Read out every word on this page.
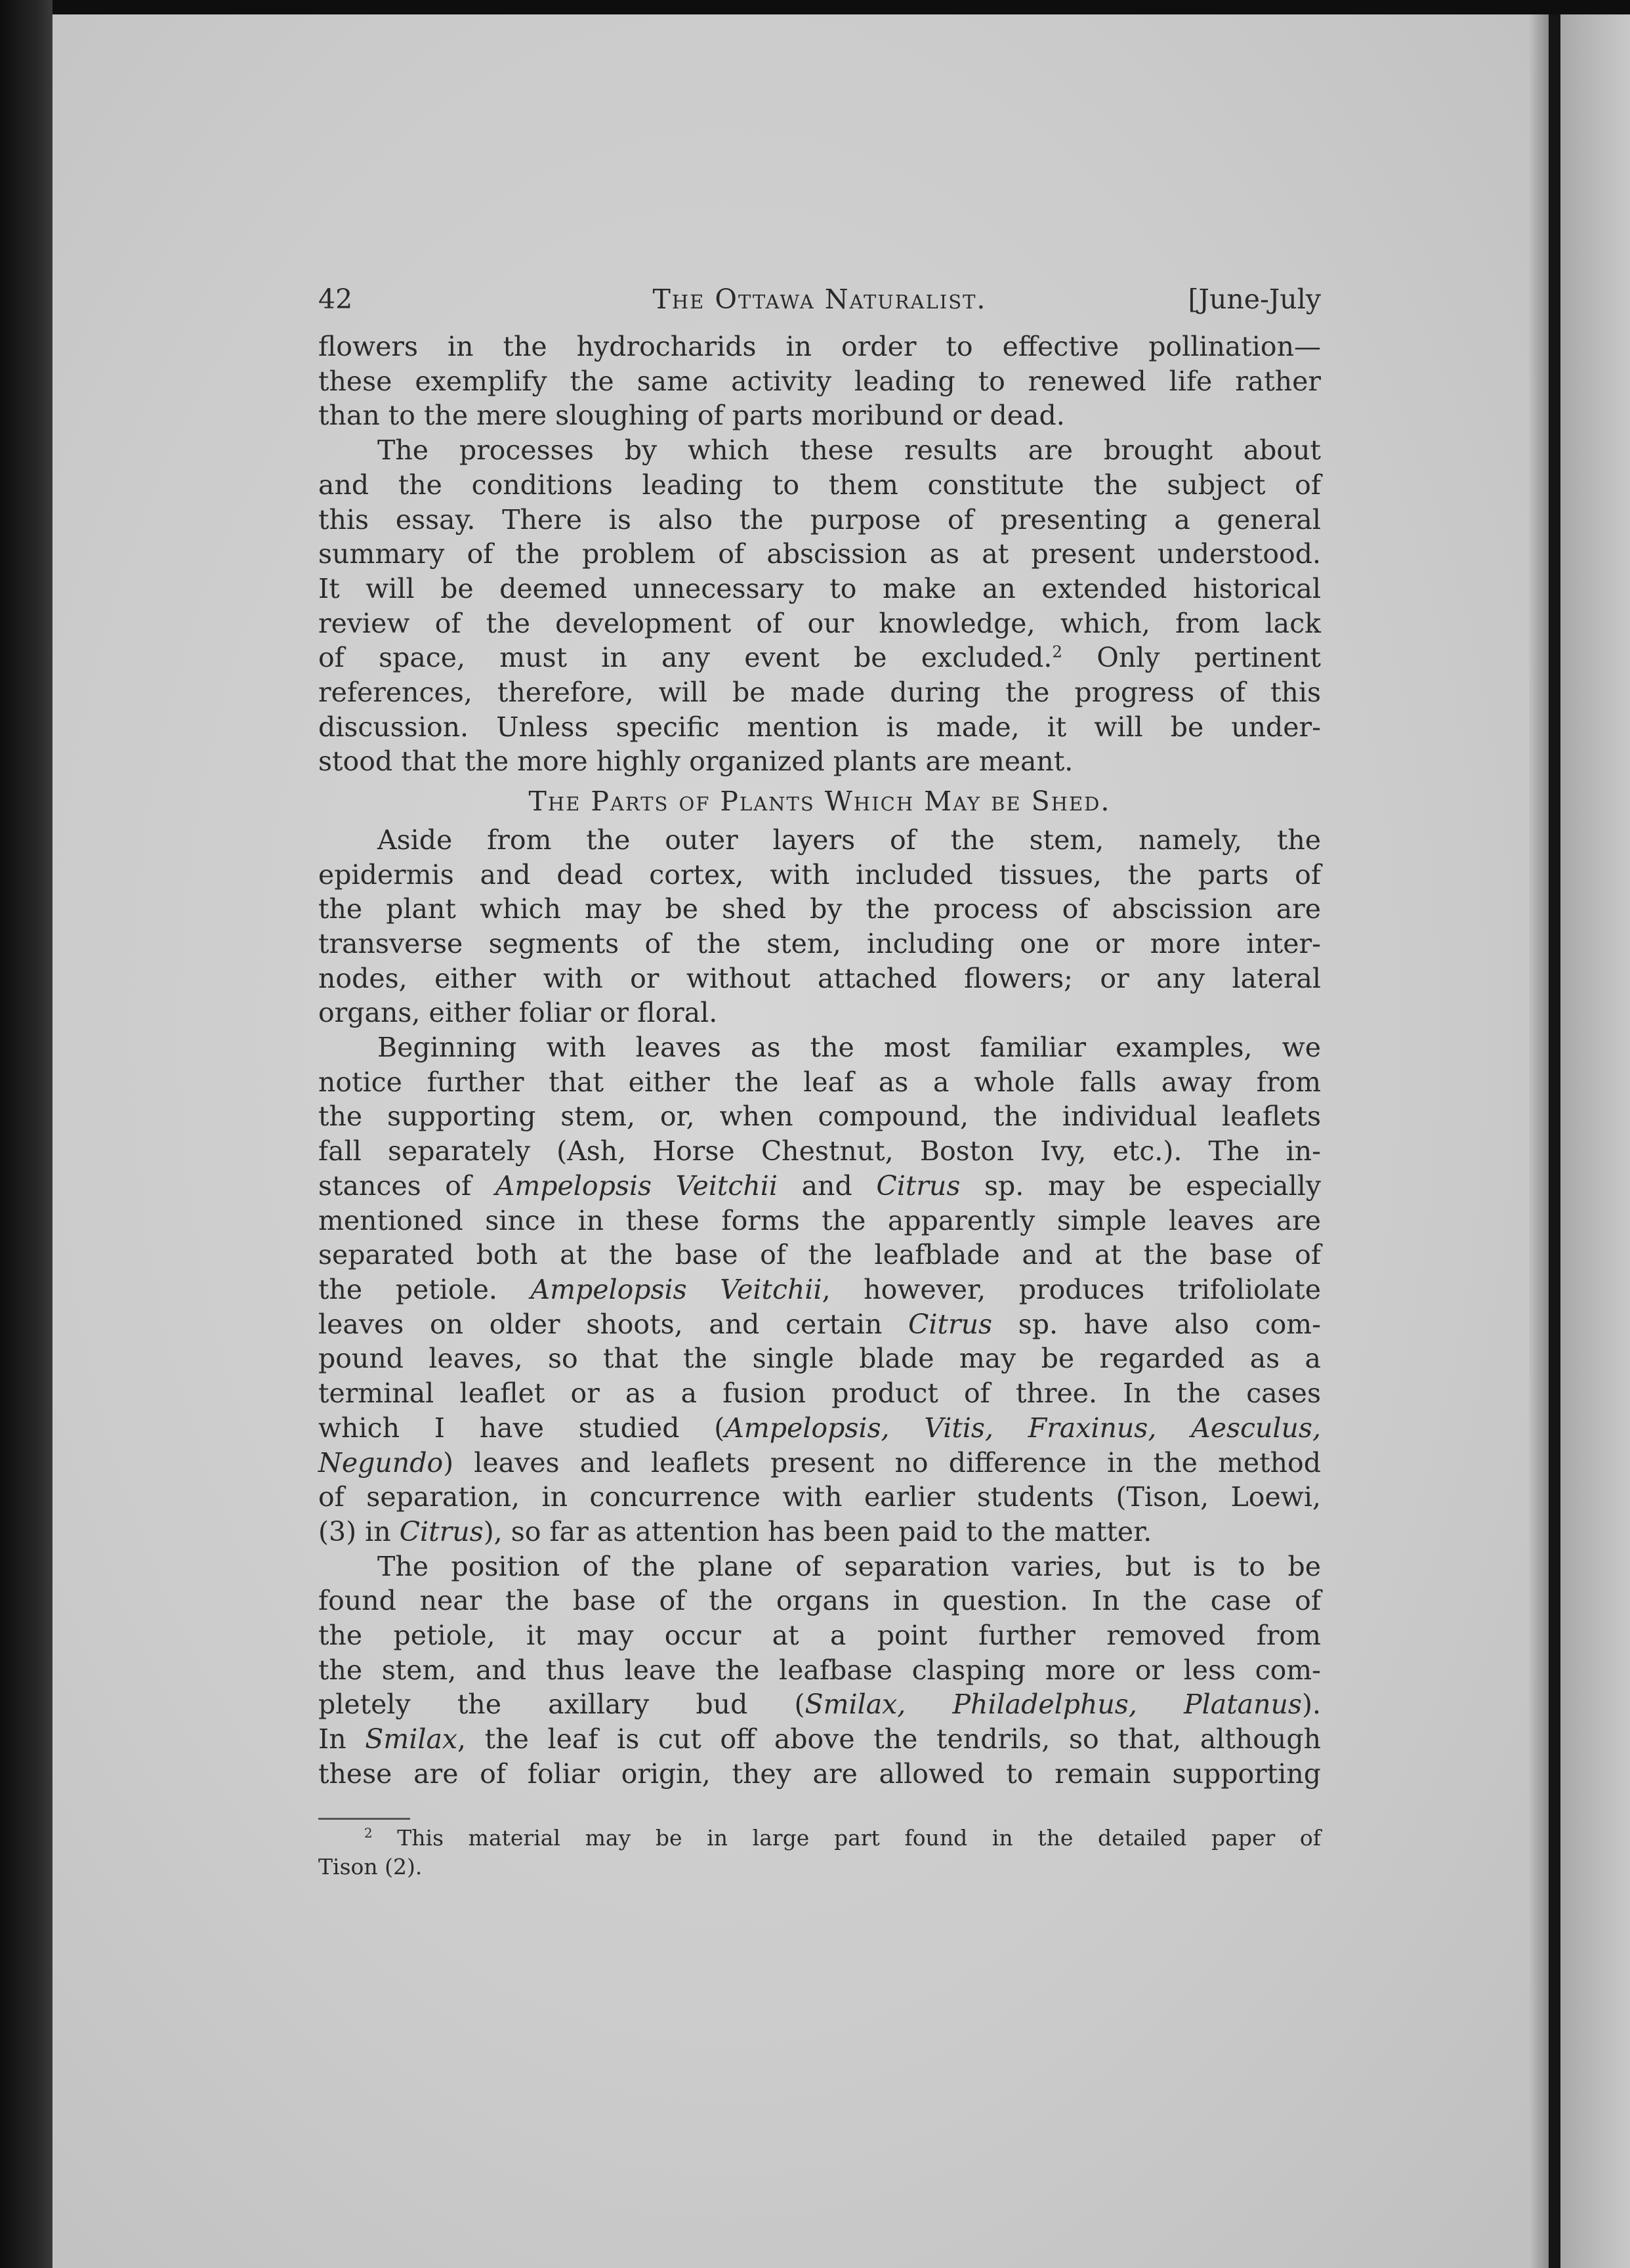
42	The Ottawa Naturalist.	[June-July
flowers in the hydrocharids in order to effective pollination—
these exemplify the same activity leading to renewed life rather
than to the mere sloughing of parts moribund or dead.
The processes by which these results are brought about
and the conditions leading to them constitute the subject of
this essay. There is also the purpose of presenting a general
summary of the problem of abscission as at present understood.
It will be deemed unnecessary to make an extended historical
review of the development of our knowledge, which, from lack
of space, must in any event be excluded.$^2$ Only pertinent
references, therefore, will be made during the progress of this
discussion. Unless specific mention is made, it will be under-
stood that the more highly organized plants are meant.
The Parts of Plants Which May be Shed.
Aside from the outer layers of the stem, namely, the
epidermis and dead cortex, with included tissues, the parts of
the plant which may be shed by the process of abscission are
transverse segments of the stem, including one or more inter-
nodes, either with or without attached flowers; or any lateral
organs, either foliar or floral.
Beginning with leaves as the most familiar examples, we
notice further that either the leaf as a whole falls away from
the supporting stem, or, when compound, the individual leaflets
fall separately (Ash, Horse Chestnut, Boston Ivy, etc.). The in-
stances of Ampelopsis Veitchii and Citrus sp. may be especially
mentioned since in these forms the apparently simple leaves are
separated both at the base of the leafblade and at the base of
the petiole. Ampelopsis Veitchii, however, produces trifoliolate
leaves on older shoots, and certain Citrus sp. have also com-
pound leaves, so that the single blade may be regarded as a
terminal leaflet or as a fusion product of three. In the cases
which I have studied (Ampelopsis, Vitis, Fraxinus, Aesculus,
Negundo) leaves and leaflets present no difference in the method
of separation, in concurrence with earlier students (Tison, Loewi,
(3) in Citrus), so far as attention has been paid to the matter.
The position of the plane of separation varies, but is to be
found near the base of the organs in question. In the case of
the petiole, it may occur at a point further removed from
the stem, and thus leave the leafbase clasping more or less com-
pletely the axillary bud (Smilax, Philadelphus, Platanus).
In Smilax, the leaf is cut off above the tendrils, so that, although
these are of foliar origin, they are allowed to remain supporting
$^2$ This material may be in large part found in the detailed paper of
Tison (2).
